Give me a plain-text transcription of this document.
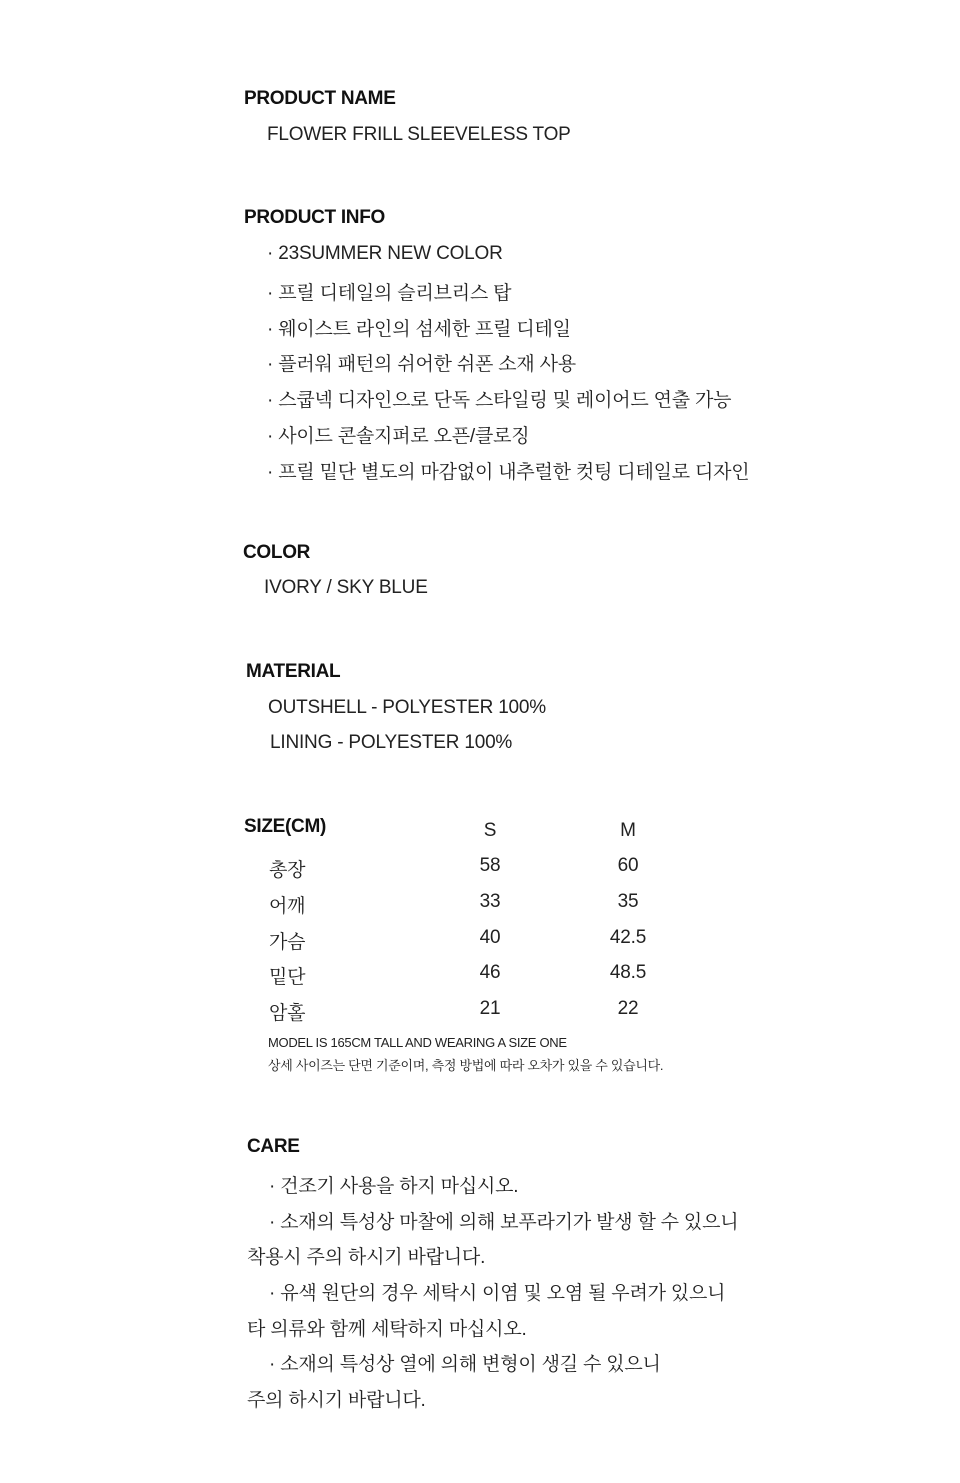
PRODUCT NAME
FLOWER FRILL SLEEVELESS TOP
PRODUCT INFO
· 23SUMMER NEW COLOR
· 프릴 디테일의 슬리브리스 탑
· 웨이스트 라인의 섬세한 프릴 디테일
· 플러워 패턴의 쉬어한 쉬폰 소재 사용
· 스쿱넥 디자인으로 단독 스타일링 및 레이어드 연출 가능
· 사이드 콘솔지퍼로 오픈/클로징
· 프릴 밑단 별도의 마감없이 내추럴한 컷팅 디테일로 디자인
COLOR
IVORY / SKY BLUE
MATERIAL
OUTSHELL - POLYESTER 100%
LINING - POLYESTER 100%
SIZE(CM)	S	M
총장	58	60
어깨	33	35
가슴	40	42.5
밑단	46	48.5
암홀	21	22
MODEL IS 165CM TALL AND WEARING A SIZE ONE
상세 사이즈는 단면 기준이며, 측정 방법에 따라 오차가 있을 수 있습니다.
CARE
· 건조기 사용을 하지 마십시오.
· 소재의 특성상 마찰에 의해 보푸라기가 발생 할 수 있으니
착용시 주의 하시기 바랍니다.
· 유색 원단의 경우 세탁시 이염 및 오염 될 우려가 있으니
타 의류와 함께 세탁하지 마십시오.
· 소재의 특성상 열에 의해 변형이 생길 수 있으니
주의 하시기 바랍니다.
